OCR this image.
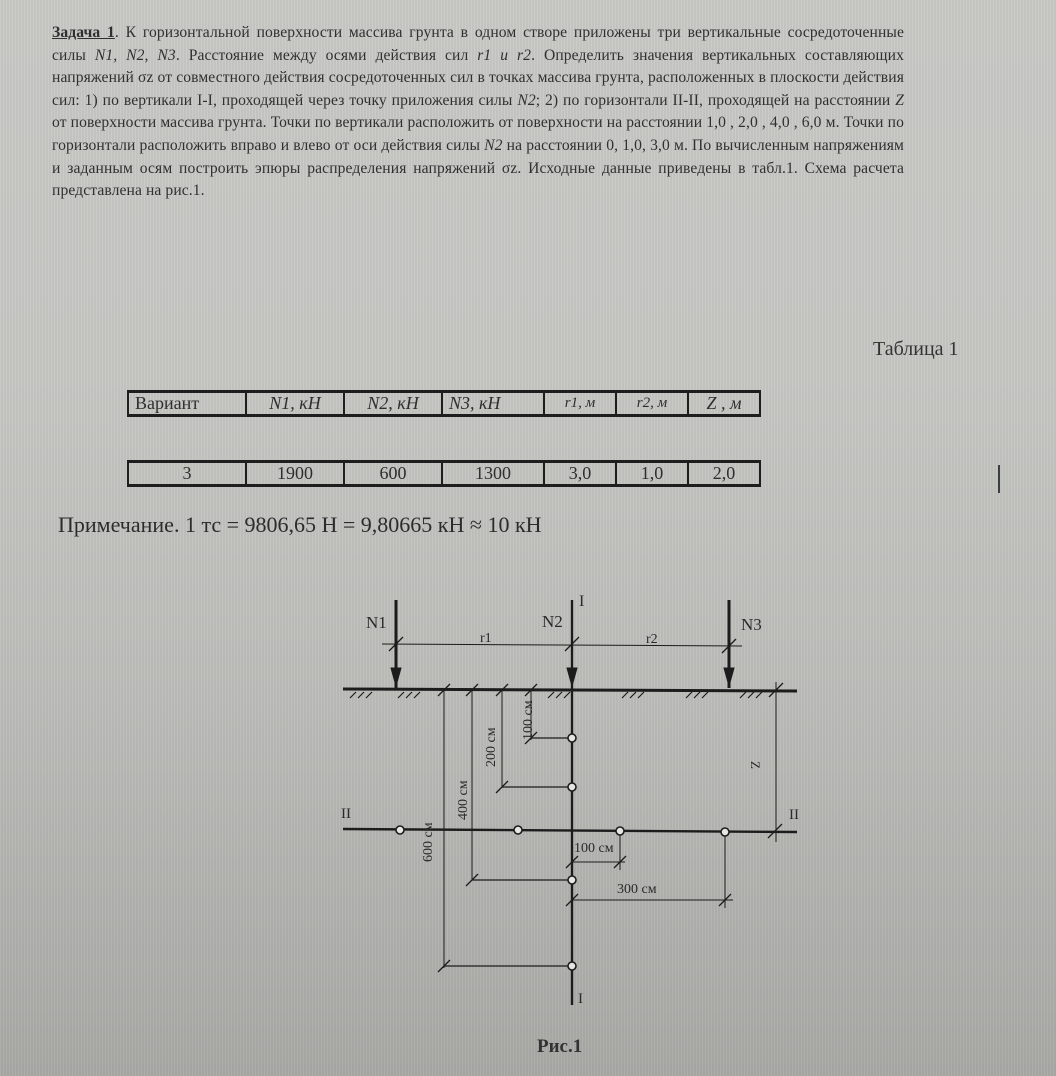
Задача 1. К горизонтальной поверхности массива грунта в одном створе приложены три вертикальные сосредоточенные силы N1, N2, N3. Расстояние между осями действия сил r1 и r2. Определить значения вертикальных составляющих напряжений σz от совместного действия сосредоточенных сил в точках массива грунта, расположенных в плоскости действия сил: 1) по вертикали I-I, проходящей через точку приложения силы N2; 2) по горизонтали II-II, проходящей на расстоянии Z от поверхности массива грунта. Точки по вертикали расположить от поверхности на расстоянии 1,0 , 2,0 , 4,0 , 6,0 м. Точки по горизонтали расположить вправо и влево от оси действия силы N2 на расстоянии 0, 1,0, 3,0 м. По вычисленным напряжениям и заданным осям построить эпюры распределения напряжений σz. Исходные данные приведены в табл.1. Схема расчета представлена на рис.1.
Таблица 1
Вариант	N1, кН	N2, кН	N3, кН	r1, м	r2, м	Z , м
3	1900	600	1300	3,0	1,0	2,0
Примечание. 1 тс = 9806,65 Н = 9,80665 кН ≈ 10 кН
N1	N2	N3
r1	r2
I
I
II	II
Z
100 см
200 см
400 см
600 см	100 см
300 см
Рис.1
